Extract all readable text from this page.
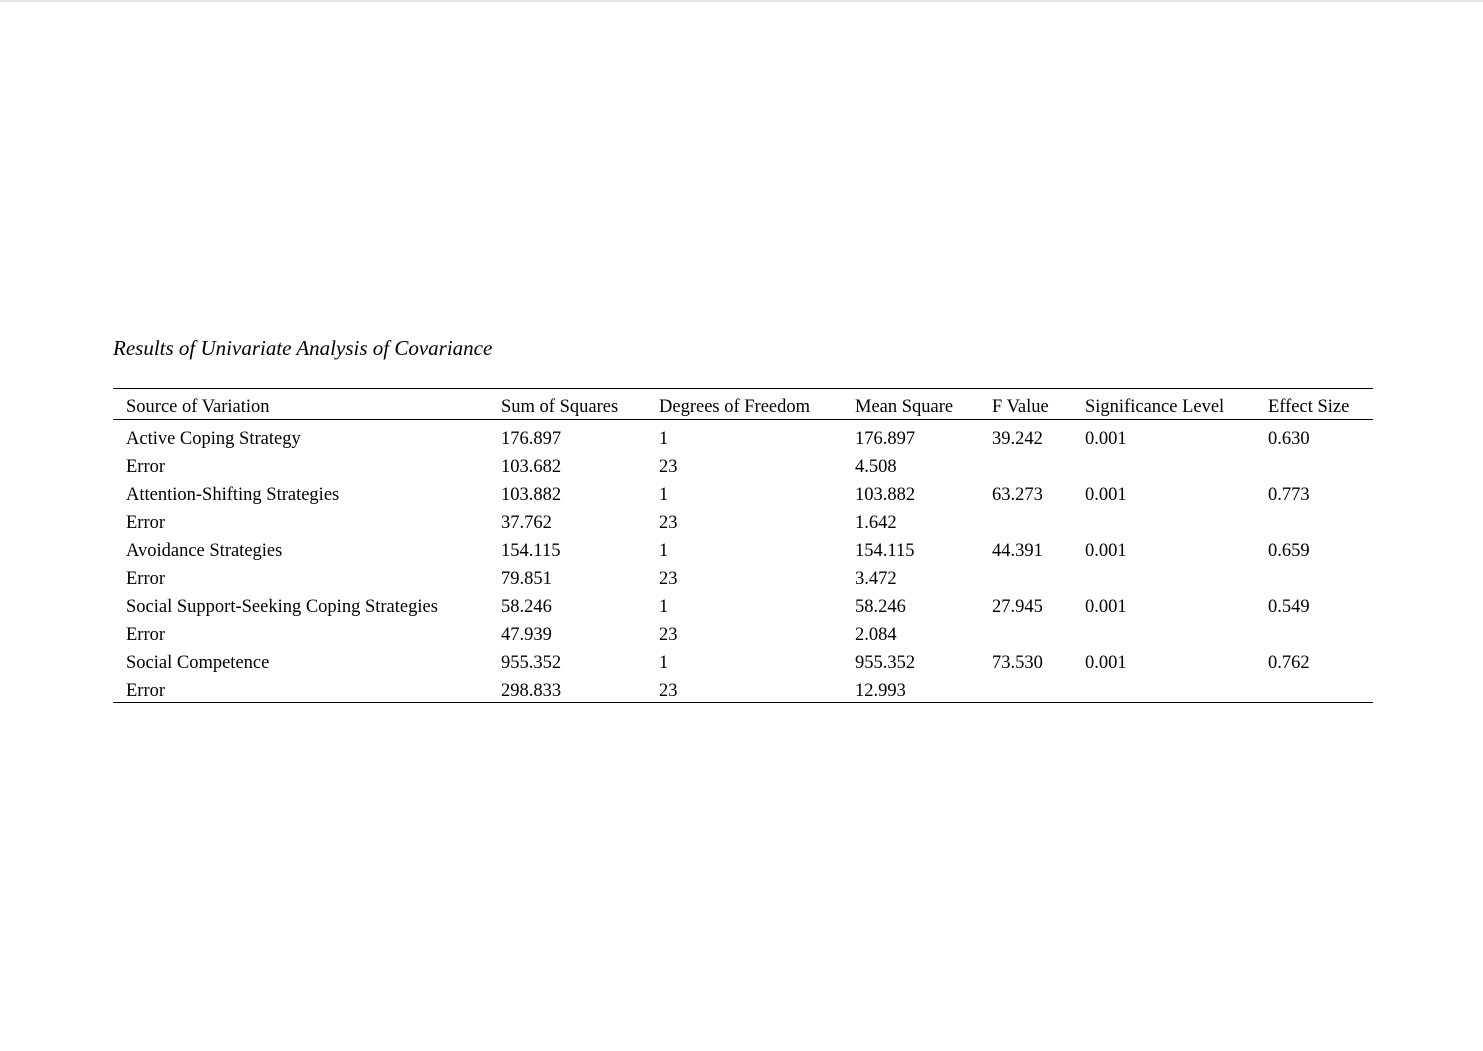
Results of Univariate Analysis of Covariance
Source of Variation	Sum of Squares	Degrees of Freedom	Mean Square	F Value	Significance Level	Effect Size
Active Coping Strategy	176.897	1	176.897	39.242	0.001	0.630
Error	103.682	23	4.508			
Attention-Shifting Strategies	103.882	1	103.882	63.273	0.001	0.773
Error	37.762	23	1.642			
Avoidance Strategies	154.115	1	154.115	44.391	0.001	0.659
Error	79.851	23	3.472			
Social Support-Seeking Coping Strategies	58.246	1	58.246	27.945	0.001	0.549
Error	47.939	23	2.084			
Social Competence	955.352	1	955.352	73.530	0.001	0.762
Error	298.833	23	12.993			
